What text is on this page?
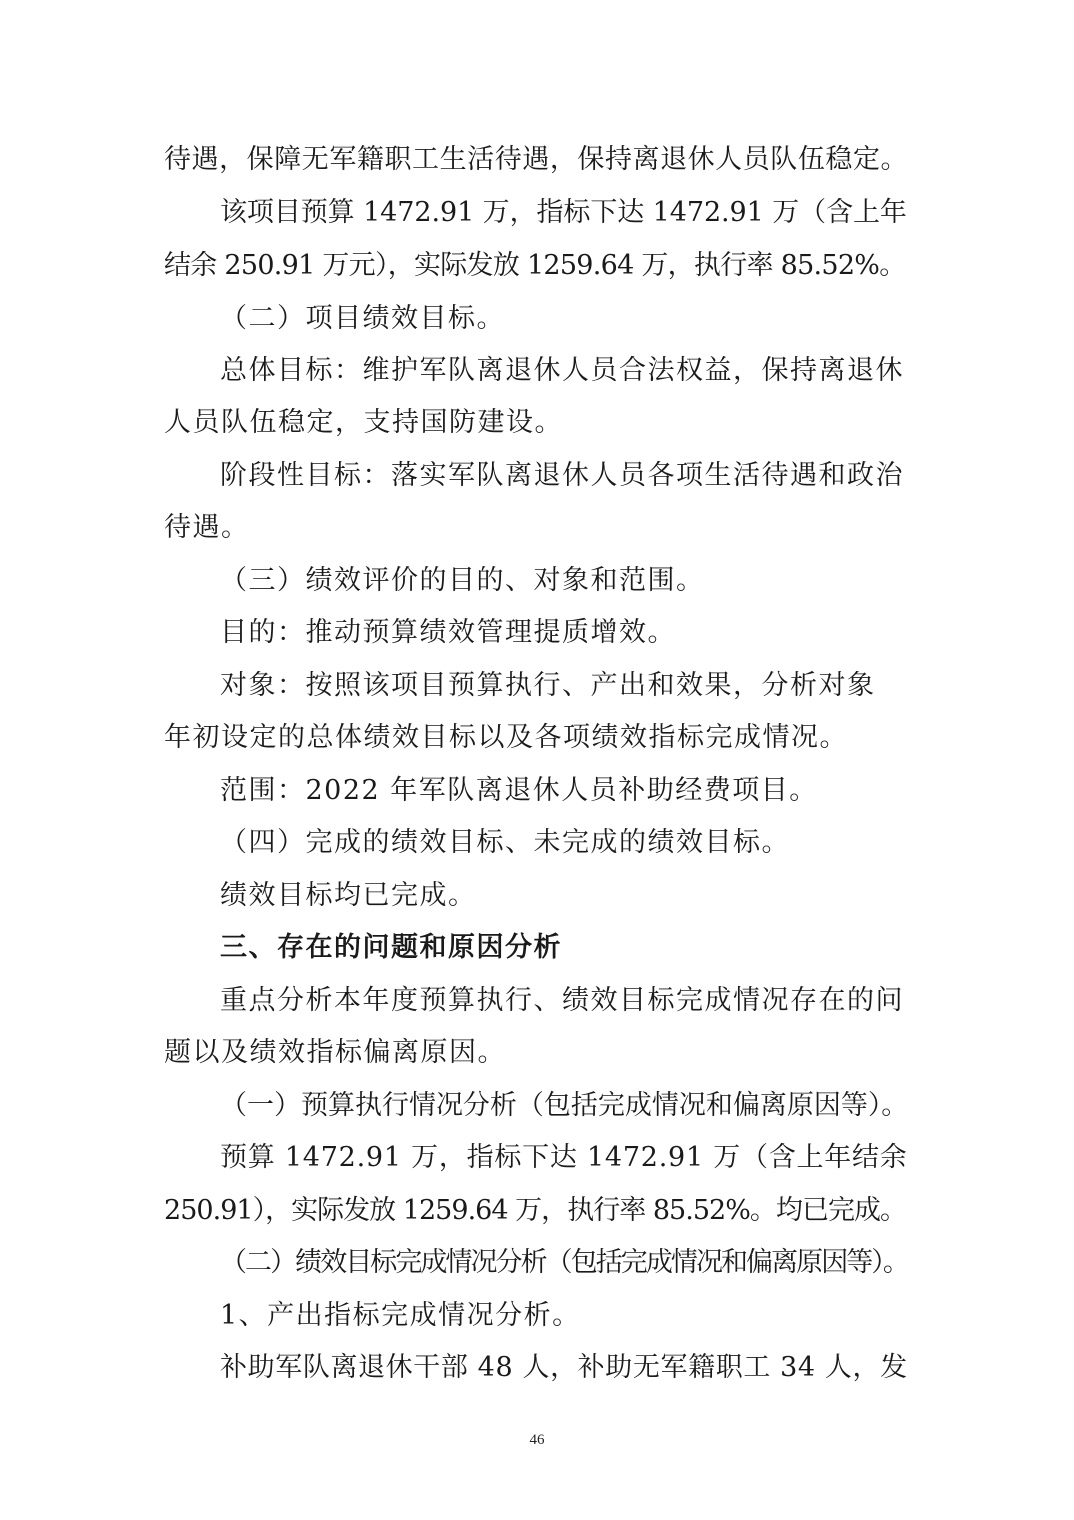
待遇，保障无军籍职工生活待遇，保持离退休人员队伍稳定。
该项目预算 1472.91 万，指标下达 1472.91 万（含上年
结余 250.91 万元），实际发放 1259.64 万，执行率 85.52%。
（二）项目绩效目标。
总体目标：维护军队离退休人员合法权益，保持离退休
人员队伍稳定，支持国防建设。
阶段性目标：落实军队离退休人员各项生活待遇和政治
待遇。
（三）绩效评价的目的、对象和范围。
目的：推动预算绩效管理提质增效。
对象：按照该项目预算执行、产出和效果，分析对象
年初设定的总体绩效目标以及各项绩效指标完成情况。
范围：2022 年军队离退休人员补助经费项目。
（四）完成的绩效目标、未完成的绩效目标。
绩效目标均已完成。
三、存在的问题和原因分析
重点分析本年度预算执行、绩效目标完成情况存在的问
题以及绩效指标偏离原因。
（一）预算执行情况分析（包括完成情况和偏离原因等）。
预算 1472.91 万，指标下达 1472.91 万（含上年结余
250.91），实际发放 1259.64 万，执行率 85.52%。均已完成。
（二）绩效目标完成情况分析（包括完成情况和偏离原因等）。
1、产出指标完成情况分析。
补助军队离退休干部 48 人，补助无军籍职工 34 人，发
46
